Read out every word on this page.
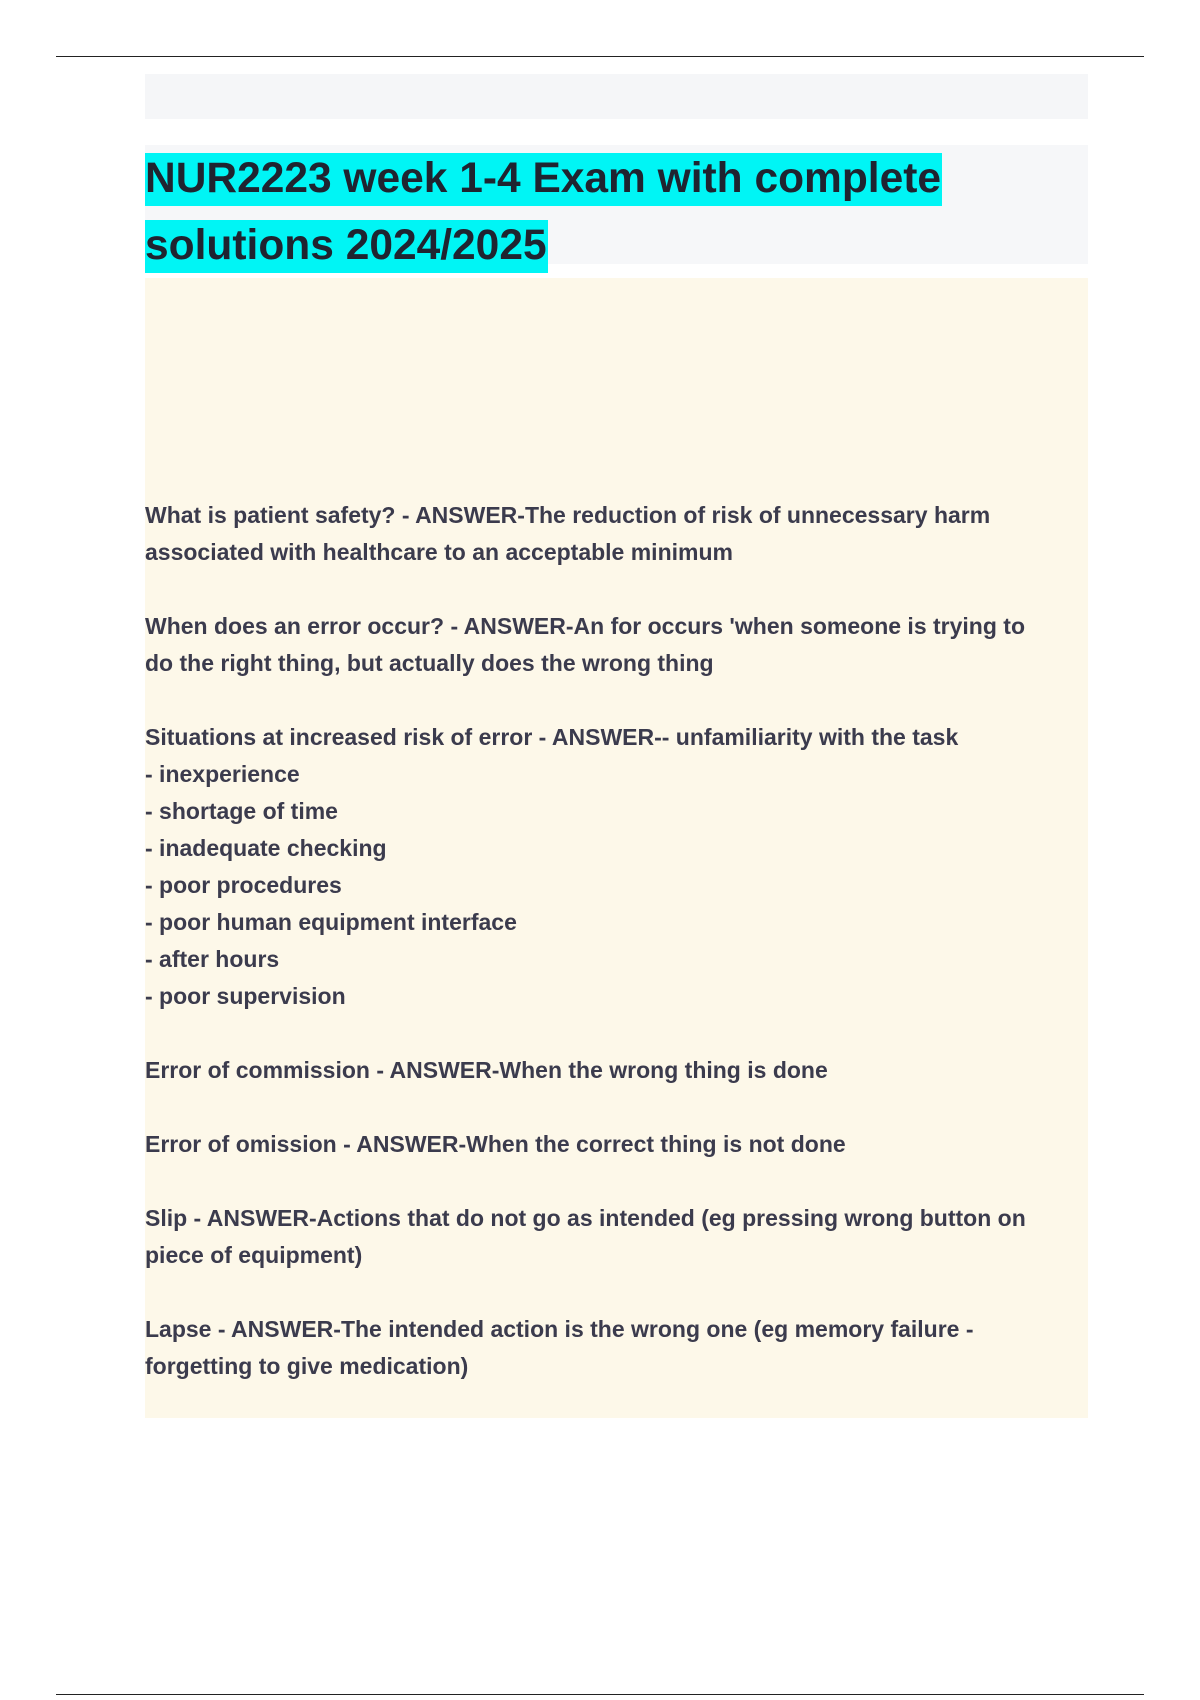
NUR2223 week 1-4 Exam with complete
solutions 2024/2025

What is patient safety? - ANSWER-The reduction of risk of unnecessary harm
associated with healthcare to an acceptable minimum

When does an error occur? - ANSWER-An for occurs 'when someone is trying to
do the right thing, but actually does the wrong thing

Situations at increased risk of error - ANSWER-- unfamiliarity with the task
- inexperience
- shortage of time
- inadequate checking
- poor procedures
- poor human equipment interface
- after hours
- poor supervision

Error of commission - ANSWER-When the wrong thing is done

Error of omission - ANSWER-When the correct thing is not done

Slip - ANSWER-Actions that do not go as intended (eg pressing wrong button on
piece of equipment)

Lapse - ANSWER-The intended action is the wrong one (eg memory failure -
forgetting to give medication)
